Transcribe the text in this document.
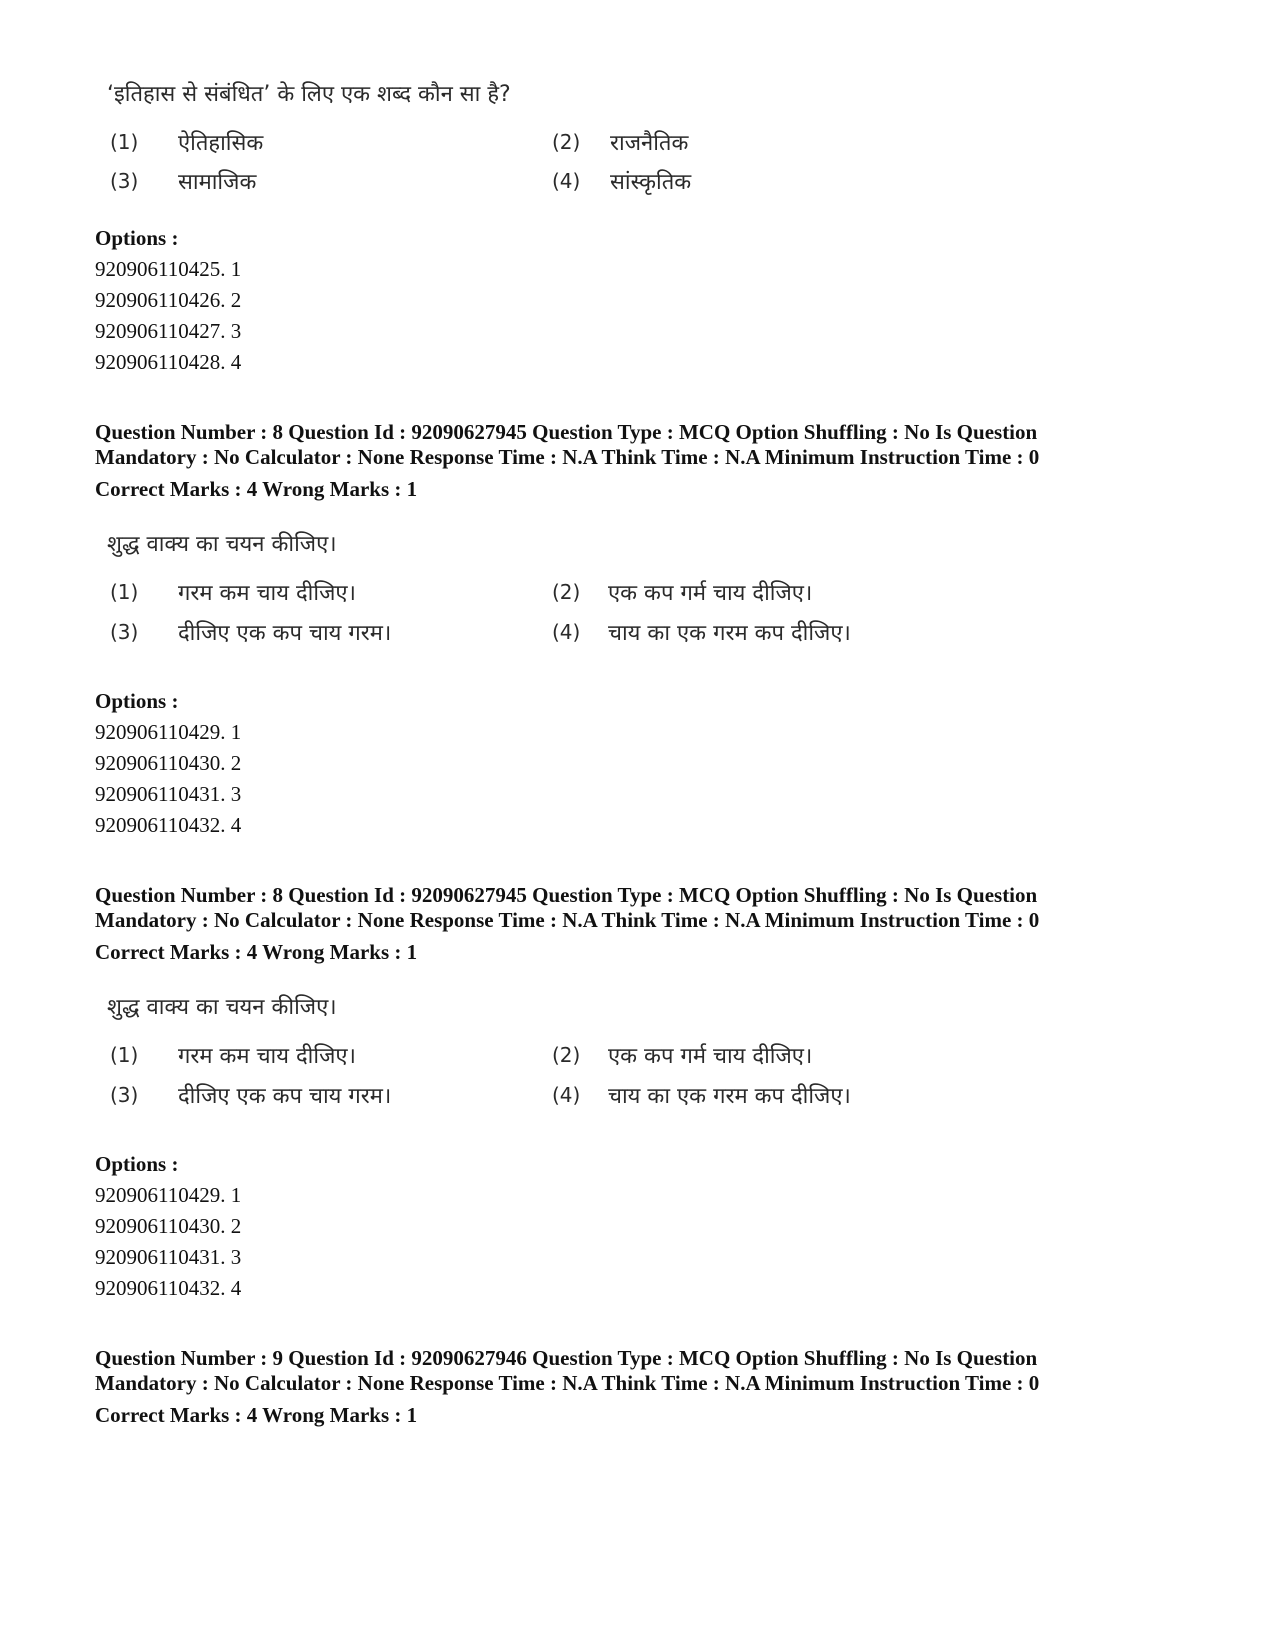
‘इतिहास से संबंधित’ के लिए एक शब्द कौन सा है?
(1) ऐतिहासिक	(2) राजनैतिक
(3) सामाजिक	(4) सांस्कृतिक
Options :
920906110425. 1
920906110426. 2
920906110427. 3
920906110428. 4
Question Number : 8 Question Id : 92090627945 Question Type : MCQ Option Shuffling : No Is Question
Mandatory : No Calculator : None Response Time : N.A Think Time : N.A Minimum Instruction Time : 0
Correct Marks : 4 Wrong Marks : 1
शुद्ध वाक्य का चयन कीजिए।
(1) गरम कम चाय दीजिए।	(2) एक कप गर्म चाय दीजिए।
(3) दीजिए एक कप चाय गरम।	(4) चाय का एक गरम कप दीजिए।
Options :
920906110429. 1
920906110430. 2
920906110431. 3
920906110432. 4
Question Number : 8 Question Id : 92090627945 Question Type : MCQ Option Shuffling : No Is Question
Mandatory : No Calculator : None Response Time : N.A Think Time : N.A Minimum Instruction Time : 0
Correct Marks : 4 Wrong Marks : 1
शुद्ध वाक्य का चयन कीजिए।
(1) गरम कम चाय दीजिए।	(2) एक कप गर्म चाय दीजिए।
(3) दीजिए एक कप चाय गरम।	(4) चाय का एक गरम कप दीजिए।
Options :
920906110429. 1
920906110430. 2
920906110431. 3
920906110432. 4
Question Number : 9 Question Id : 92090627946 Question Type : MCQ Option Shuffling : No Is Question
Mandatory : No Calculator : None Response Time : N.A Think Time : N.A Minimum Instruction Time : 0
Correct Marks : 4 Wrong Marks : 1
